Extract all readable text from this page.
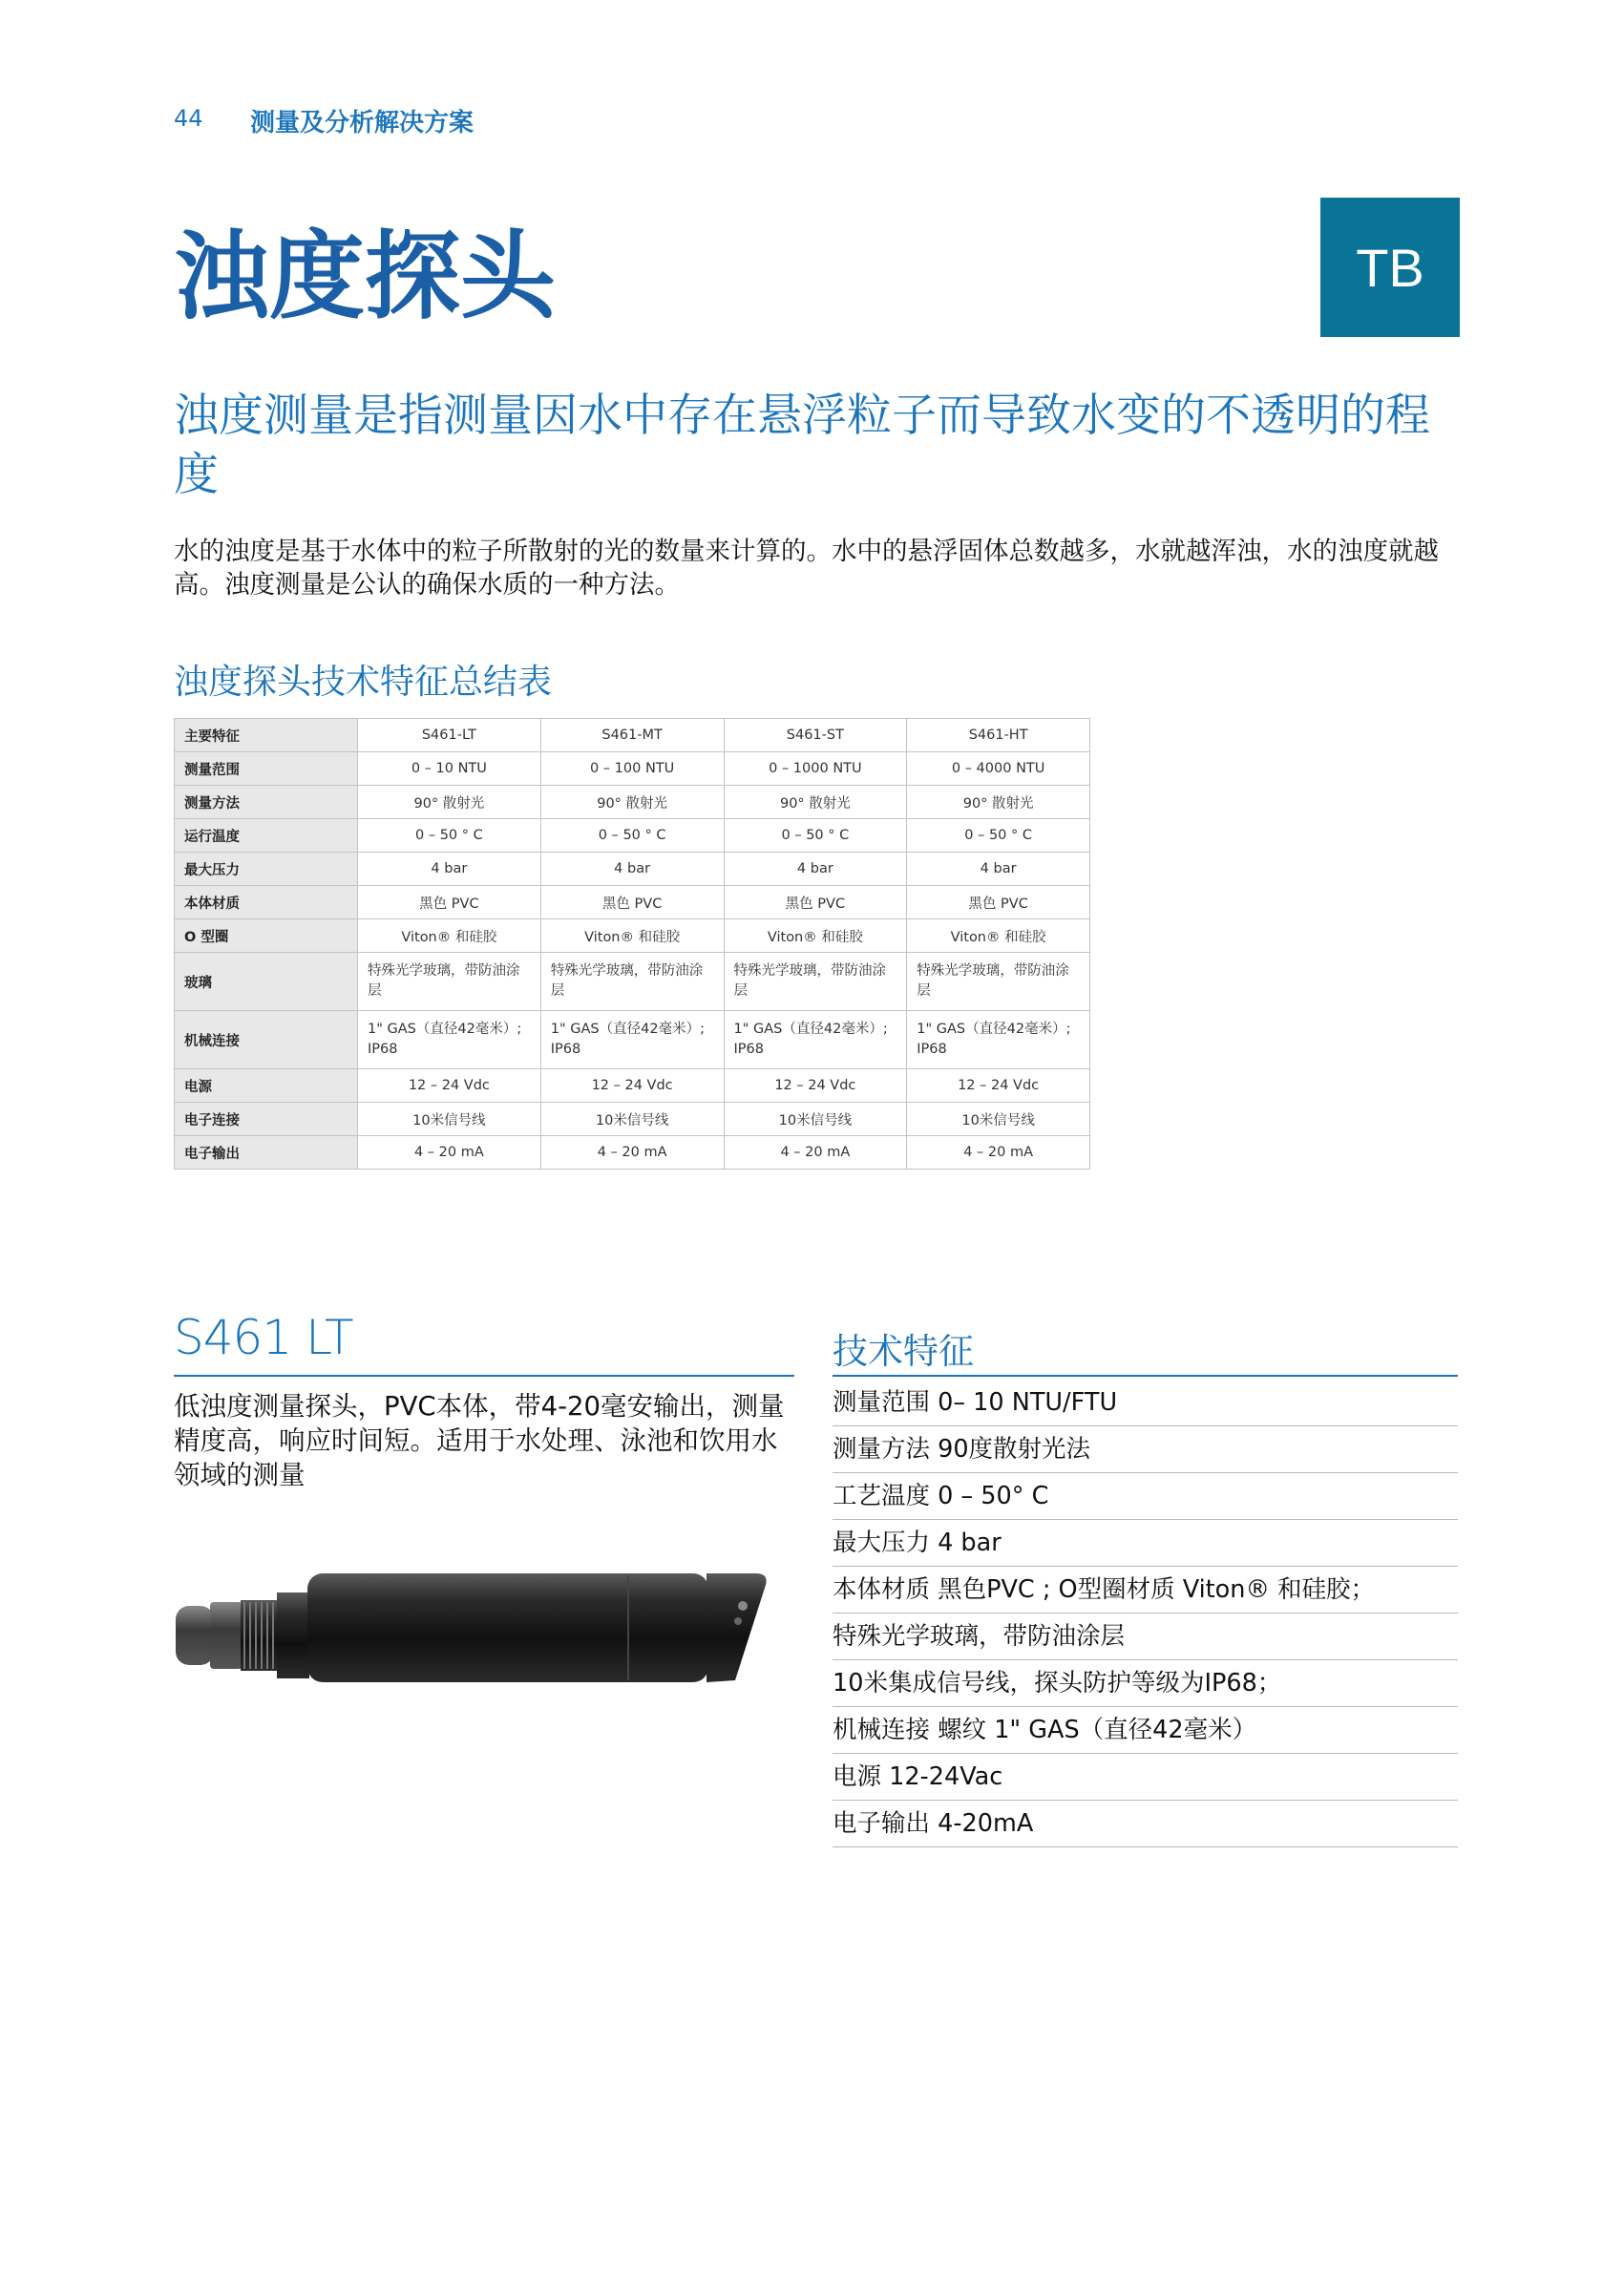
44 测量及分析解决方案
TB
浊度探头
浊度测量是指测量因水中存在悬浮粒子而导致水变的不透明的程度
水的浊度是基于水体中的粒子所散射的光的数量来计算的。水中的悬浮固体总数越多，水就越浑浊，水的浊度就越高。浊度测量是公认的确保水质的一种方法。
浊度探头技术特征总结表
主要特征	S461-LT	S461-MT	S461-ST	S461-HT
测量范围	0 – 10 NTU	0 – 100 NTU	0 – 1000 NTU	0 – 4000 NTU
测量方法	90° 散射光	90° 散射光	90° 散射光	90° 散射光
运行温度	0 – 50 ° C	0 – 50 ° C	0 – 50 ° C	0 – 50 ° C
最大压力	4 bar	4 bar	4 bar	4 bar
本体材质	黑色 PVC	黑色 PVC	黑色 PVC	黑色 PVC
O 型圈	Viton® 和硅胶	Viton® 和硅胶	Viton® 和硅胶	Viton® 和硅胶
玻璃	特殊光学玻璃，带防油涂层	特殊光学玻璃，带防油涂层	特殊光学玻璃，带防油涂层	特殊光学玻璃，带防油涂层
机械连接	1" GAS（直径42毫米）; IP68	1" GAS（直径42毫米）; IP68	1" GAS（直径42毫米）; IP68	1" GAS（直径42毫米）; IP68
电源	12 – 24 Vdc	12 – 24 Vdc	12 – 24 Vdc	12 – 24 Vdc
电子连接	10米信号线	10米信号线	10米信号线	10米信号线
电子输出	4 – 20 mA	4 – 20 mA	4 – 20 mA	4 – 20 mA
S461 LT
低浊度测量探头，PVC本体，带4-20毫安输出，测量精度高，响应时间短。适用于水处理、泳池和饮用水领域的测量
技术特征
测量范围 0– 10 NTU/FTU
测量方法 90度散射光法
工艺温度 0 – 50° C
最大压力 4 bar
本体材质 黑色PVC ; O型圈材质 Viton® 和硅胶；
特殊光学玻璃，带防油涂层
10米集成信号线，探头防护等级为IP68；
机械连接 螺纹 1" GAS（直径42毫米）
电源 12-24Vac
电子输出 4-20mA
